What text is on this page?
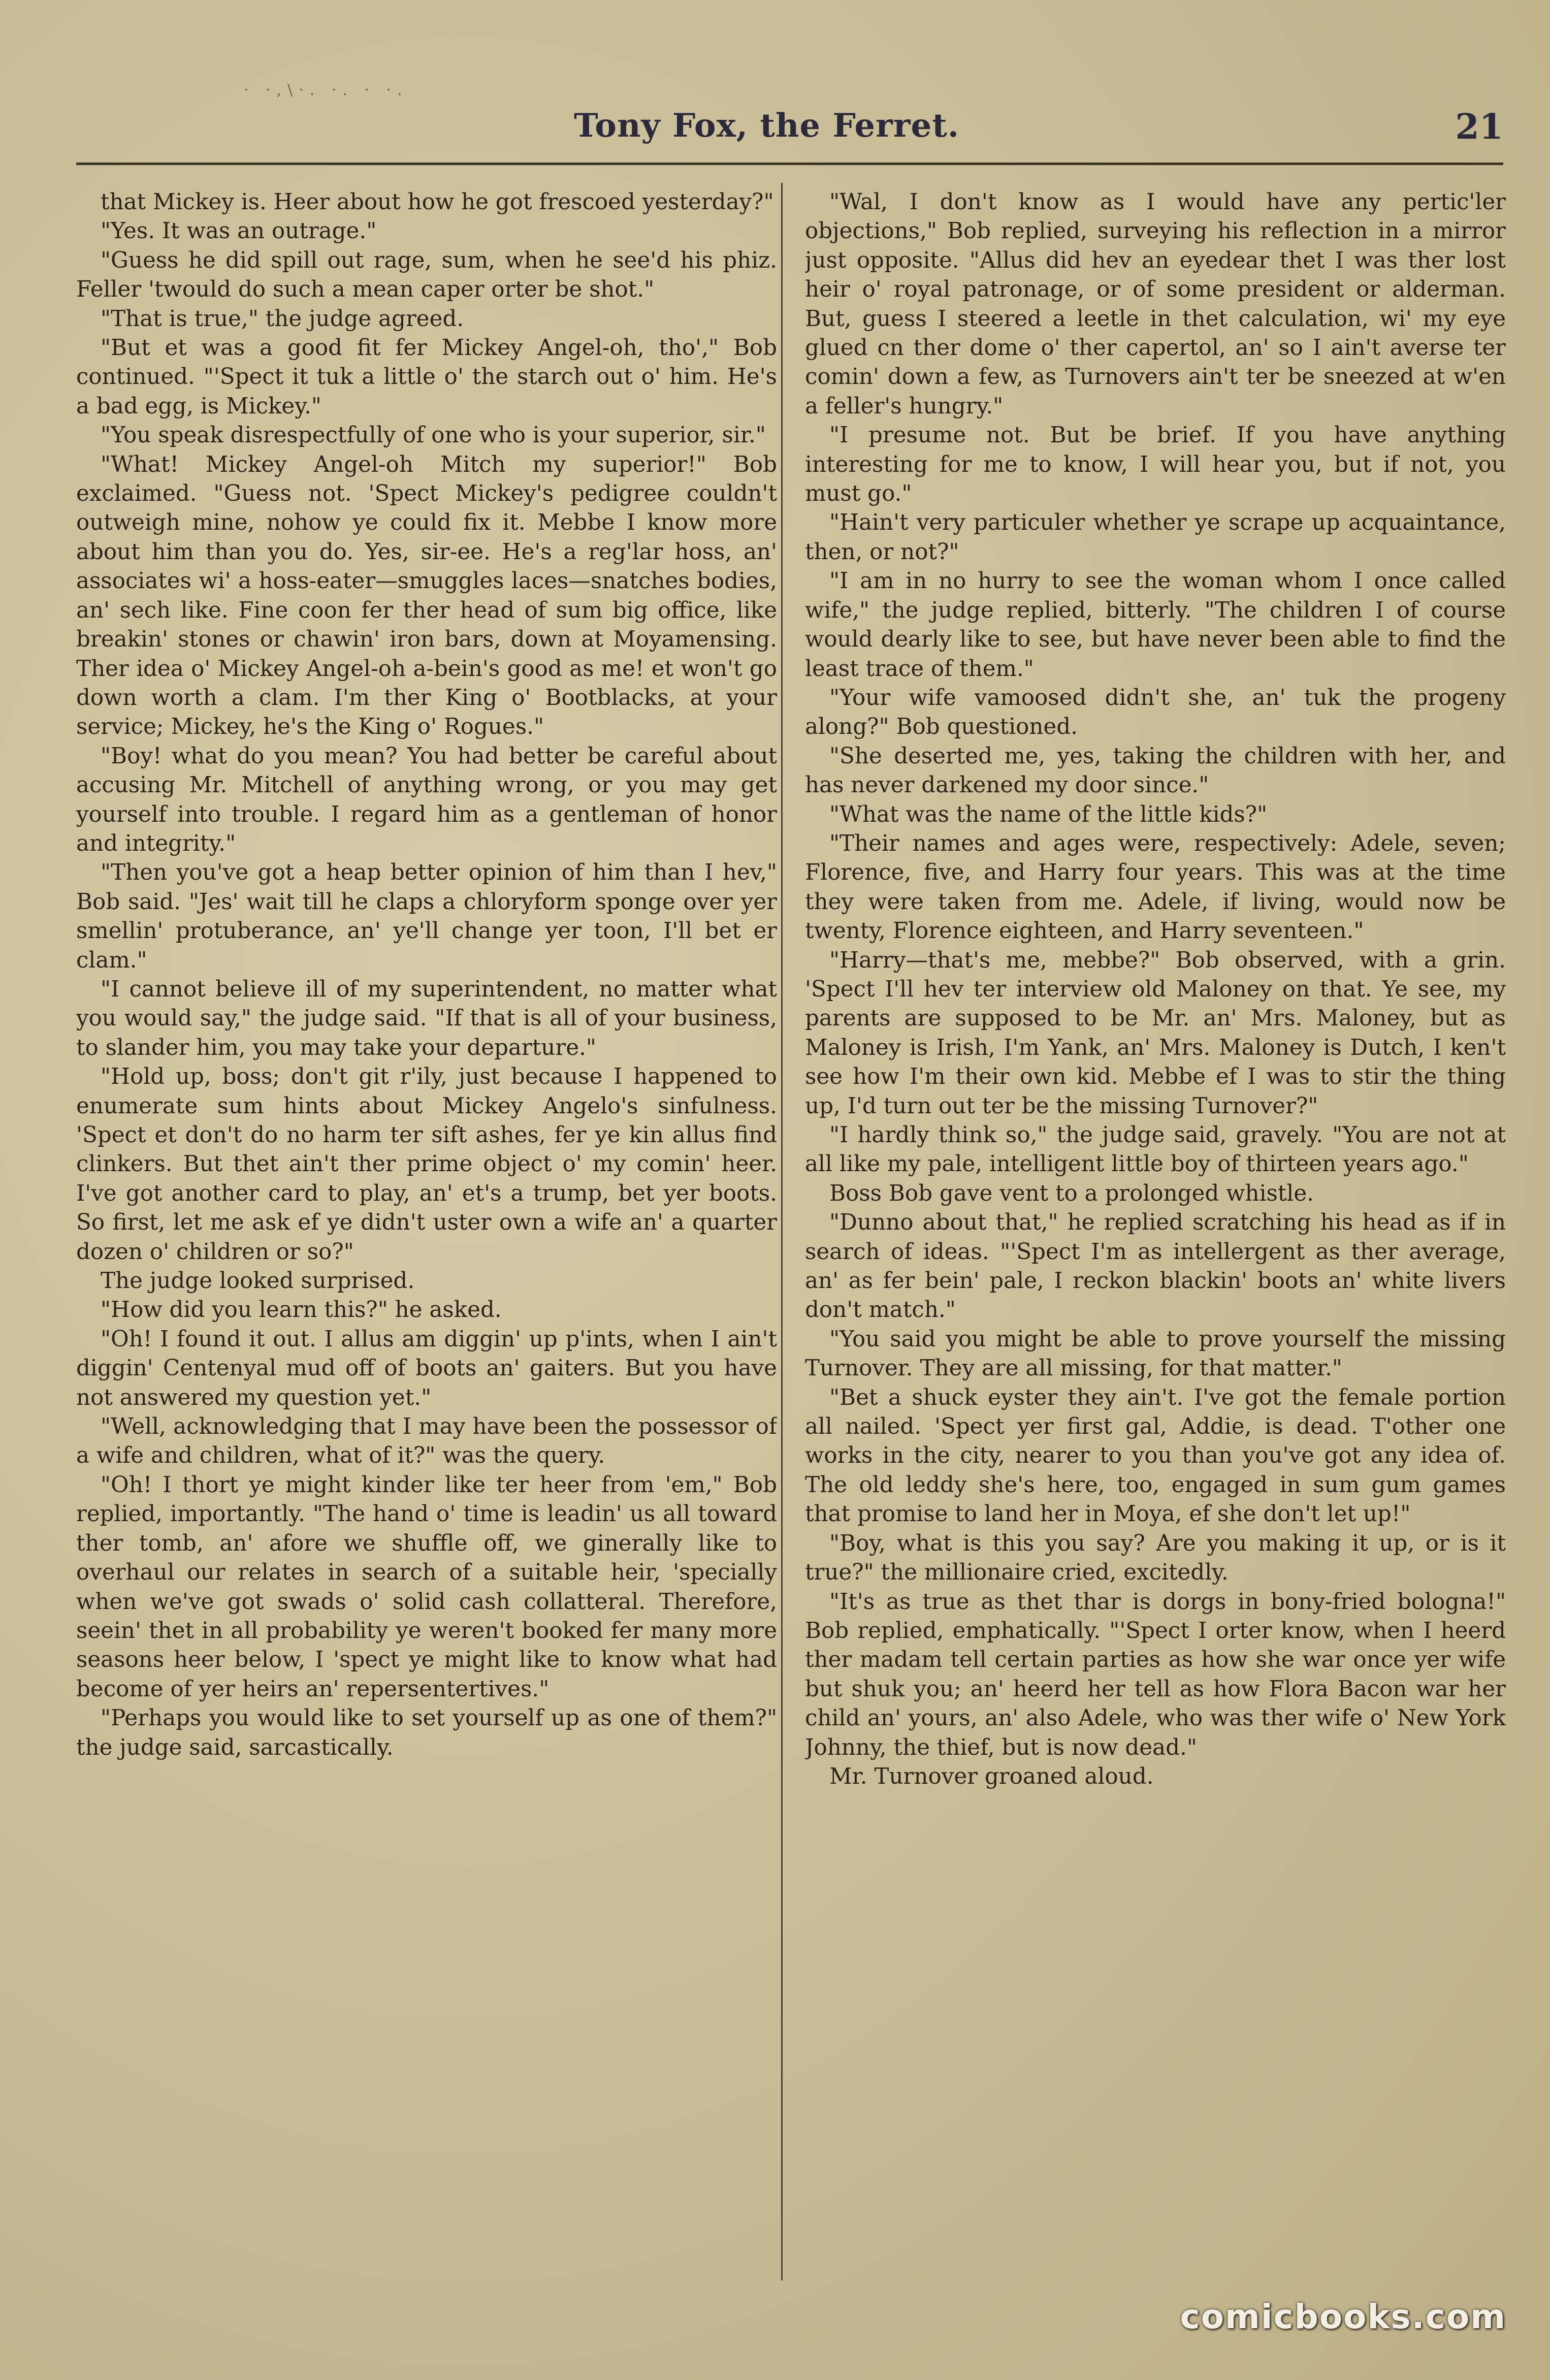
· ·,\·. ·. · ·.
Tony Fox, the Ferret.	21

that Mickey is. Heer about how he got frescoed yesterday?"

"Yes. It was an outrage."

"Guess he did spill out rage, sum, when he see'd his phiz. Feller 'twould do such a mean caper orter be shot."

"That is true," the judge agreed.

"But et was a good fit fer Mickey Angel-oh, tho'," Bob continued. "'Spect it tuk a little o' the starch out o' him. He's a bad egg, is Mickey."

"You speak disrespectfully of one who is your superior, sir."

"What! Mickey Angel-oh Mitch my superior!" Bob exclaimed. "Guess not. 'Spect Mickey's pedigree couldn't outweigh mine, nohow ye could fix it. Mebbe I know more about him than you do. Yes, sir-ee. He's a reg'lar hoss, an' associates wi' a hoss-eater—smuggles laces—snatches bodies, an' sech like. Fine coon fer ther head of sum big office, like breakin' stones or chawin' iron bars, down at Moyamensing. Ther idea o' Mickey Angel-oh a-bein's good as me! et won't go down worth a clam. I'm ther King o' Bootblacks, at your service; Mickey, he's the King o' Rogues."

"Boy! what do you mean? You had better be careful about accusing Mr. Mitchell of anything wrong, or you may get yourself into trouble. I regard him as a gentleman of honor and integrity."

"Then you've got a heap better opinion of him than I hev," Bob said. "Jes' wait till he claps a chloryform sponge over yer smellin' protuberance, an' ye'll change yer toon, I'll bet er clam."

"I cannot believe ill of my superintendent, no matter what you would say," the judge said. "If that is all of your business, to slander him, you may take your departure."

"Hold up, boss; don't git r'ily, just because I happened to enumerate sum hints about Mickey Angelo's sinfulness. 'Spect et don't do no harm ter sift ashes, fer ye kin allus find clinkers. But thet ain't ther prime object o' my comin' heer. I've got another card to play, an' et's a trump, bet yer boots. So first, let me ask ef ye didn't uster own a wife an' a quarter dozen o' children or so?"

The judge looked surprised.

"How did you learn this?" he asked.

"Oh! I found it out. I allus am diggin' up p'ints, when I ain't diggin' Centenyal mud off of boots an' gaiters. But you have not answered my question yet."

"Well, acknowledging that I may have been the possessor of a wife and children, what of it?" was the query.

"Oh! I thort ye might kinder like ter heer from 'em," Bob replied, importantly. "The hand o' time is leadin' us all toward ther tomb, an' afore we shuffle off, we ginerally like to overhaul our relates in search of a suitable heir, 'specially when we've got swads o' solid cash collatteral. Therefore, seein' thet in all probability ye weren't booked fer many more seasons heer below, I 'spect ye might like to know what had become of yer heirs an' repersentertives."

"Perhaps you would like to set yourself up as one of them?" the judge said, sarcastically.

"Wal, I don't know as I would have any pertic'ler objections," Bob replied, surveying his reflection in a mirror just opposite. "Allus did hev an eyedear thet I was ther lost heir o' royal patronage, or of some president or alderman. But, guess I steered a leetle in thet calculation, wi' my eye glued cn ther dome o' ther capertol, an' so I ain't averse ter comin' down a few, as Turnovers ain't ter be sneezed at w'en a feller's hungry."

"I presume not. But be brief. If you have anything interesting for me to know, I will hear you, but if not, you must go."

"Hain't very particuler whether ye scrape up acquaintance, then, or not?"

"I am in no hurry to see the woman whom I once called wife," the judge replied, bitterly. "The children I of course would dearly like to see, but have never been able to find the least trace of them."

"Your wife vamoosed didn't she, an' tuk the progeny along?" Bob questioned.

"She deserted me, yes, taking the children with her, and has never darkened my door since."

"What was the name of the little kids?"

"Their names and ages were, respectively: Adele, seven; Florence, five, and Harry four years. This was at the time they were taken from me. Adele, if living, would now be twenty, Florence eighteen, and Harry seventeen."

"Harry—that's me, mebbe?" Bob observed, with a grin. 'Spect I'll hev ter interview old Maloney on that. Ye see, my parents are supposed to be Mr. an' Mrs. Maloney, but as Maloney is Irish, I'm Yank, an' Mrs. Maloney is Dutch, I ken't see how I'm their own kid. Mebbe ef I was to stir the thing up, I'd turn out ter be the missing Turnover?"

"I hardly think so," the judge said, gravely. "You are not at all like my pale, intelligent little boy of thirteen years ago."

Boss Bob gave vent to a prolonged whistle.

"Dunno about that," he replied scratching his head as if in search of ideas. "'Spect I'm as intellergent as ther average, an' as fer bein' pale, I reckon blackin' boots an' white livers don't match."

"You said you might be able to prove yourself the missing Turnover. They are all missing, for that matter."

"Bet a shuck eyster they ain't. I've got the female portion all nailed. 'Spect yer first gal, Addie, is dead. T'other one works in the city, nearer to you than you've got any idea of. The old leddy she's here, too, engaged in sum gum games that promise to land her in Moya, ef she don't let up!"

"Boy, what is this you say? Are you making it up, or is it true?" the millionaire cried, excitedly.

"It's as true as thet thar is dorgs in bony-fried bologna!" Bob replied, emphatically. "'Spect I orter know, when I heerd ther madam tell certain parties as how she war once yer wife but shuk you; an' heerd her tell as how Flora Bacon war her child an' yours, an' also Adele, who was ther wife o' New York Johnny, the thief, but is now dead."

Mr. Turnover groaned aloud.

comicbooks.com
